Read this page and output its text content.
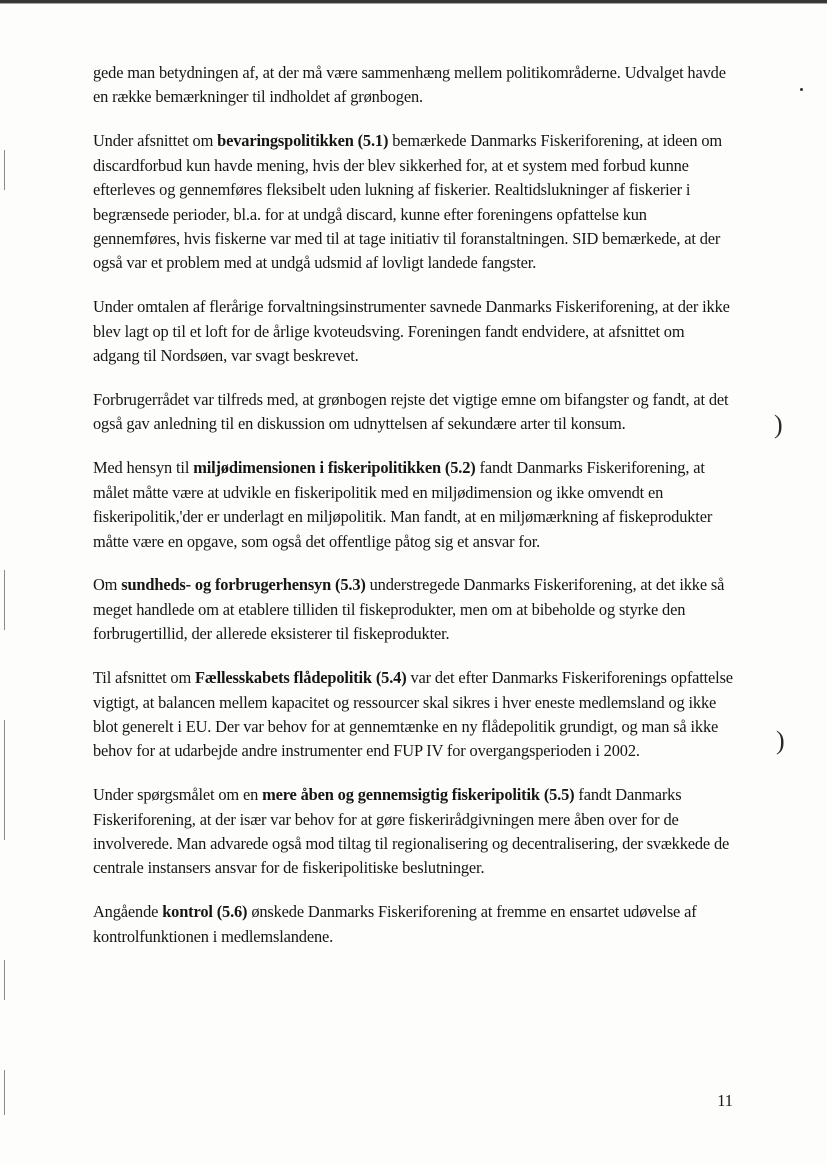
)
)

gede man betydningen af, at der må være sammenhæng mellem politikområderne. Udvalget havde en række bemærkninger til indholdet af grønbogen.

Under afsnittet om bevaringspolitikken (5.1) bemærkede Danmarks Fiskeriforening, at ideen om discardforbud kun havde mening, hvis der blev sikkerhed for, at et system med forbud kunne efterleves og gennemføres fleksibelt uden lukning af fiskerier. Realtidslukninger af fiskerier i begrænsede perioder, bl.a. for at undgå discard, kunne efter foreningens opfattelse kun gennemføres, hvis fiskerne var med til at tage initiativ til foranstaltningen. SID bemærkede, at der også var et problem med at undgå udsmid af lovligt landede fangster.

Under omtalen af flerårige forvaltningsinstrumenter savnede Danmarks Fiskeriforening, at der ikke blev lagt op til et loft for de årlige kvoteudsving. Foreningen fandt endvidere, at afsnittet om adgang til Nordsøen, var svagt beskrevet.

Forbrugerrådet var tilfreds med, at grønbogen rejste det vigtige emne om bifangster og fandt, at det også gav anledning til en diskussion om udnyttelsen af sekundære arter til konsum.

Med hensyn til miljødimensionen i fiskeripolitikken (5.2) fandt Danmarks Fiskeriforening, at målet måtte være at udvikle en fiskeripolitik med en miljødimension og ikke omvendt en fiskeripolitik,'der er underlagt en miljøpolitik. Man fandt, at en miljømærkning af fiskeprodukter måtte være en opgave, som også det offentlige påtog sig et ansvar for.

Om sundheds- og forbrugerhensyn (5.3) understregede Danmarks Fiskeriforening, at det ikke så meget handlede om at etablere tilliden til fiskeprodukter, men om at bibeholde og styrke den forbrugertillid, der allerede eksisterer til fiskeprodukter.

Til afsnittet om Fællesskabets flådepolitik (5.4) var det efter Danmarks Fiskeriforenings opfattelse vigtigt, at balancen mellem kapacitet og ressourcer skal sikres i hver eneste medlemsland og ikke blot generelt i EU. Der var behov for at gennemtænke en ny flådepolitik grundigt, og man så ikke behov for at udarbejde andre instrumenter end FUP IV for overgangsperioden i 2002.

Under spørgsmålet om en mere åben og gennemsigtig fiskeripolitik (5.5) fandt Danmarks Fiskeriforening, at der især var behov for at gøre fiskerirådgivningen mere åben over for de involverede. Man advarede også mod tiltag til regionalisering og decentralisering, der svækkede de centrale instansers ansvar for de fiskeripolitiske beslutninger.

Angående kontrol (5.6) ønskede Danmarks Fiskeriforening at fremme en ensartet udøvelse af kontrolfunktionen i medlemslandene.

11
